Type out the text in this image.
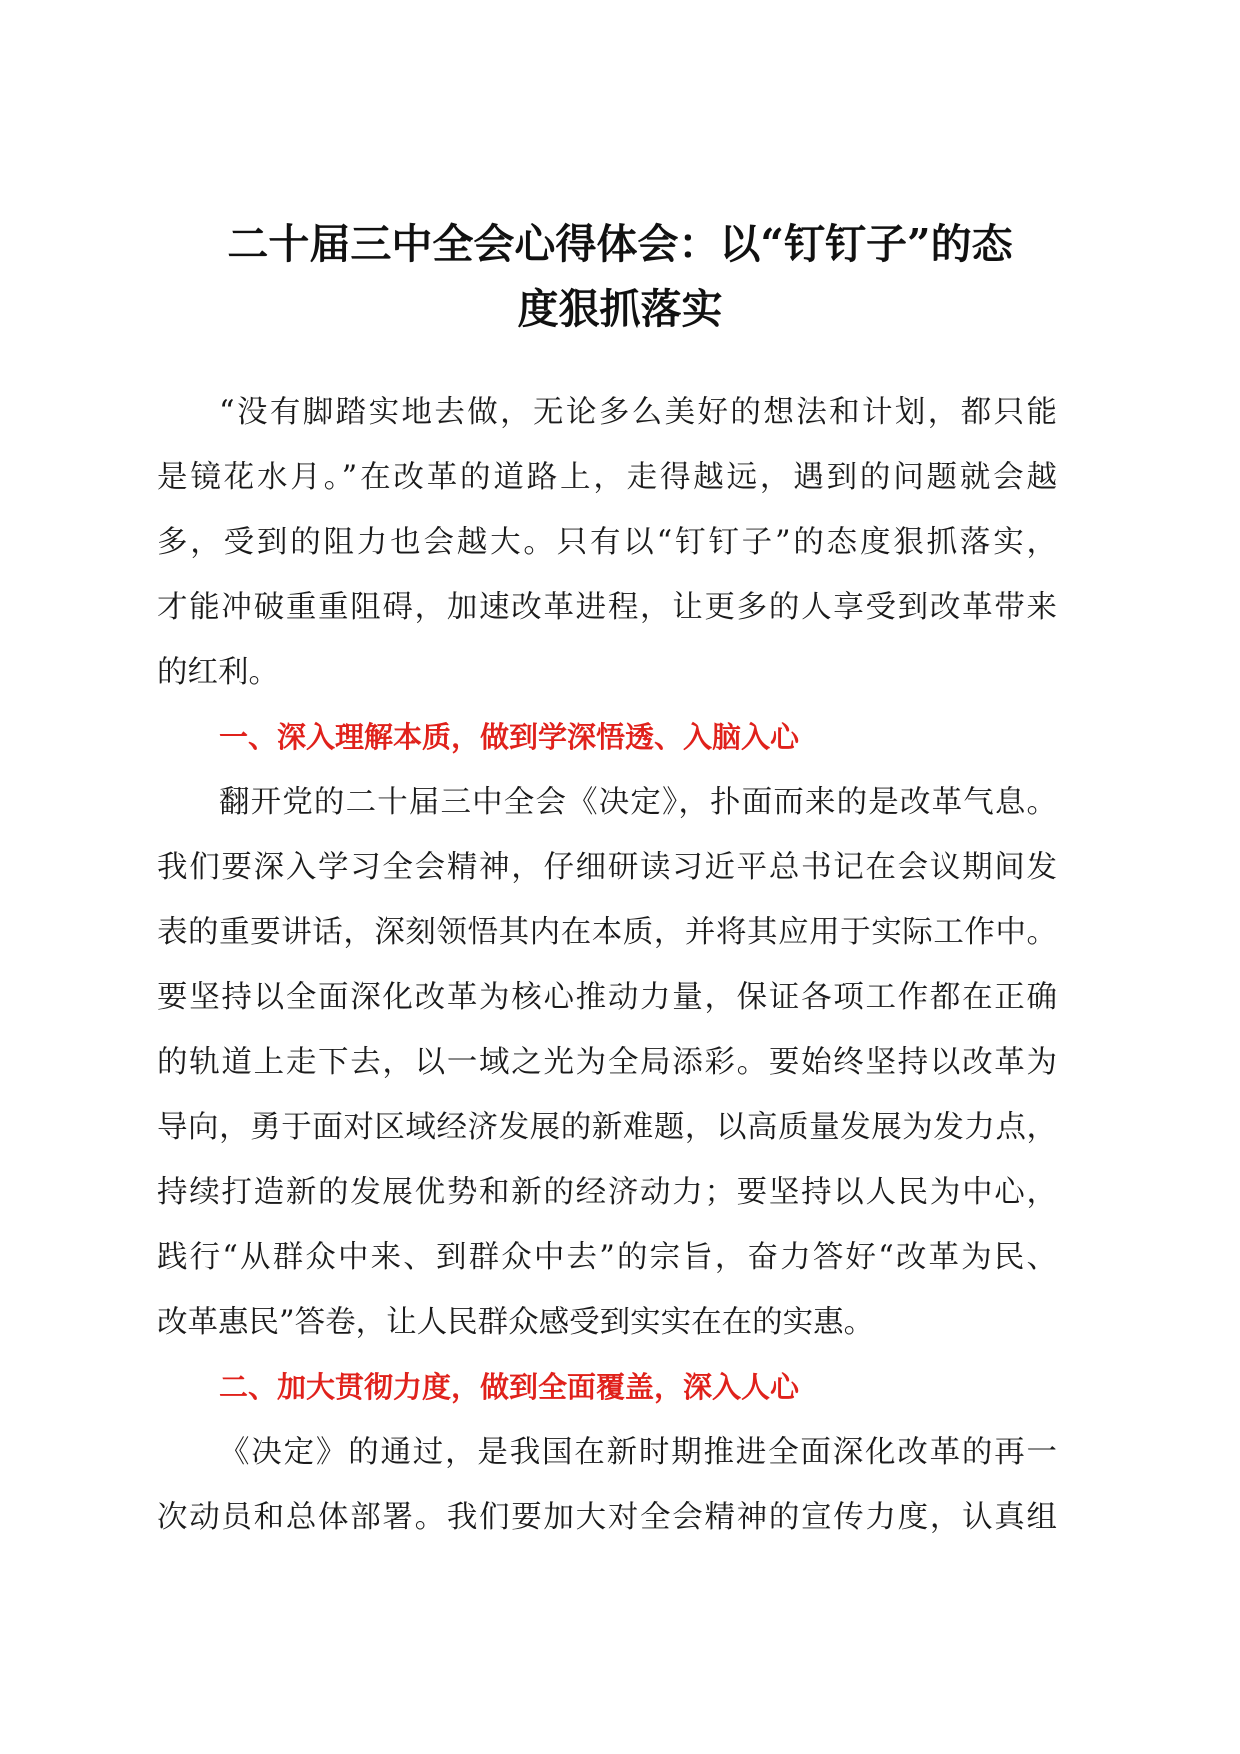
二十届三中全会心得体会：以“钉钉子”的态
度狠抓落实
“没有脚踏实地去做，无论多么美好的想法和计划，都只能
是镜花水月。”在改革的道路上，走得越远，遇到的问题就会越
多，受到的阻力也会越大。只有以“钉钉子”的态度狠抓落实，
才能冲破重重阻碍，加速改革进程，让更多的人享受到改革带来
的红利。
一、深入理解本质，做到学深悟透、入脑入心
翻开党的二十届三中全会《决定》，扑面而来的是改革气息。
我们要深入学习全会精神，仔细研读习近平总书记在会议期间发
表的重要讲话，深刻领悟其内在本质，并将其应用于实际工作中。
要坚持以全面深化改革为核心推动力量，保证各项工作都在正确
的轨道上走下去，以一域之光为全局添彩。要始终坚持以改革为
导向，勇于面对区域经济发展的新难题，以高质量发展为发力点，
持续打造新的发展优势和新的经济动力；要坚持以人民为中心，
践行“从群众中来、到群众中去”的宗旨，奋力答好“改革为民、
改革惠民”答卷，让人民群众感受到实实在在的实惠。
二、加大贯彻力度，做到全面覆盖，深入人心
《决定》的通过，是我国在新时期推进全面深化改革的再一
次动员和总体部署。我们要加大对全会精神的宣传力度，认真组
